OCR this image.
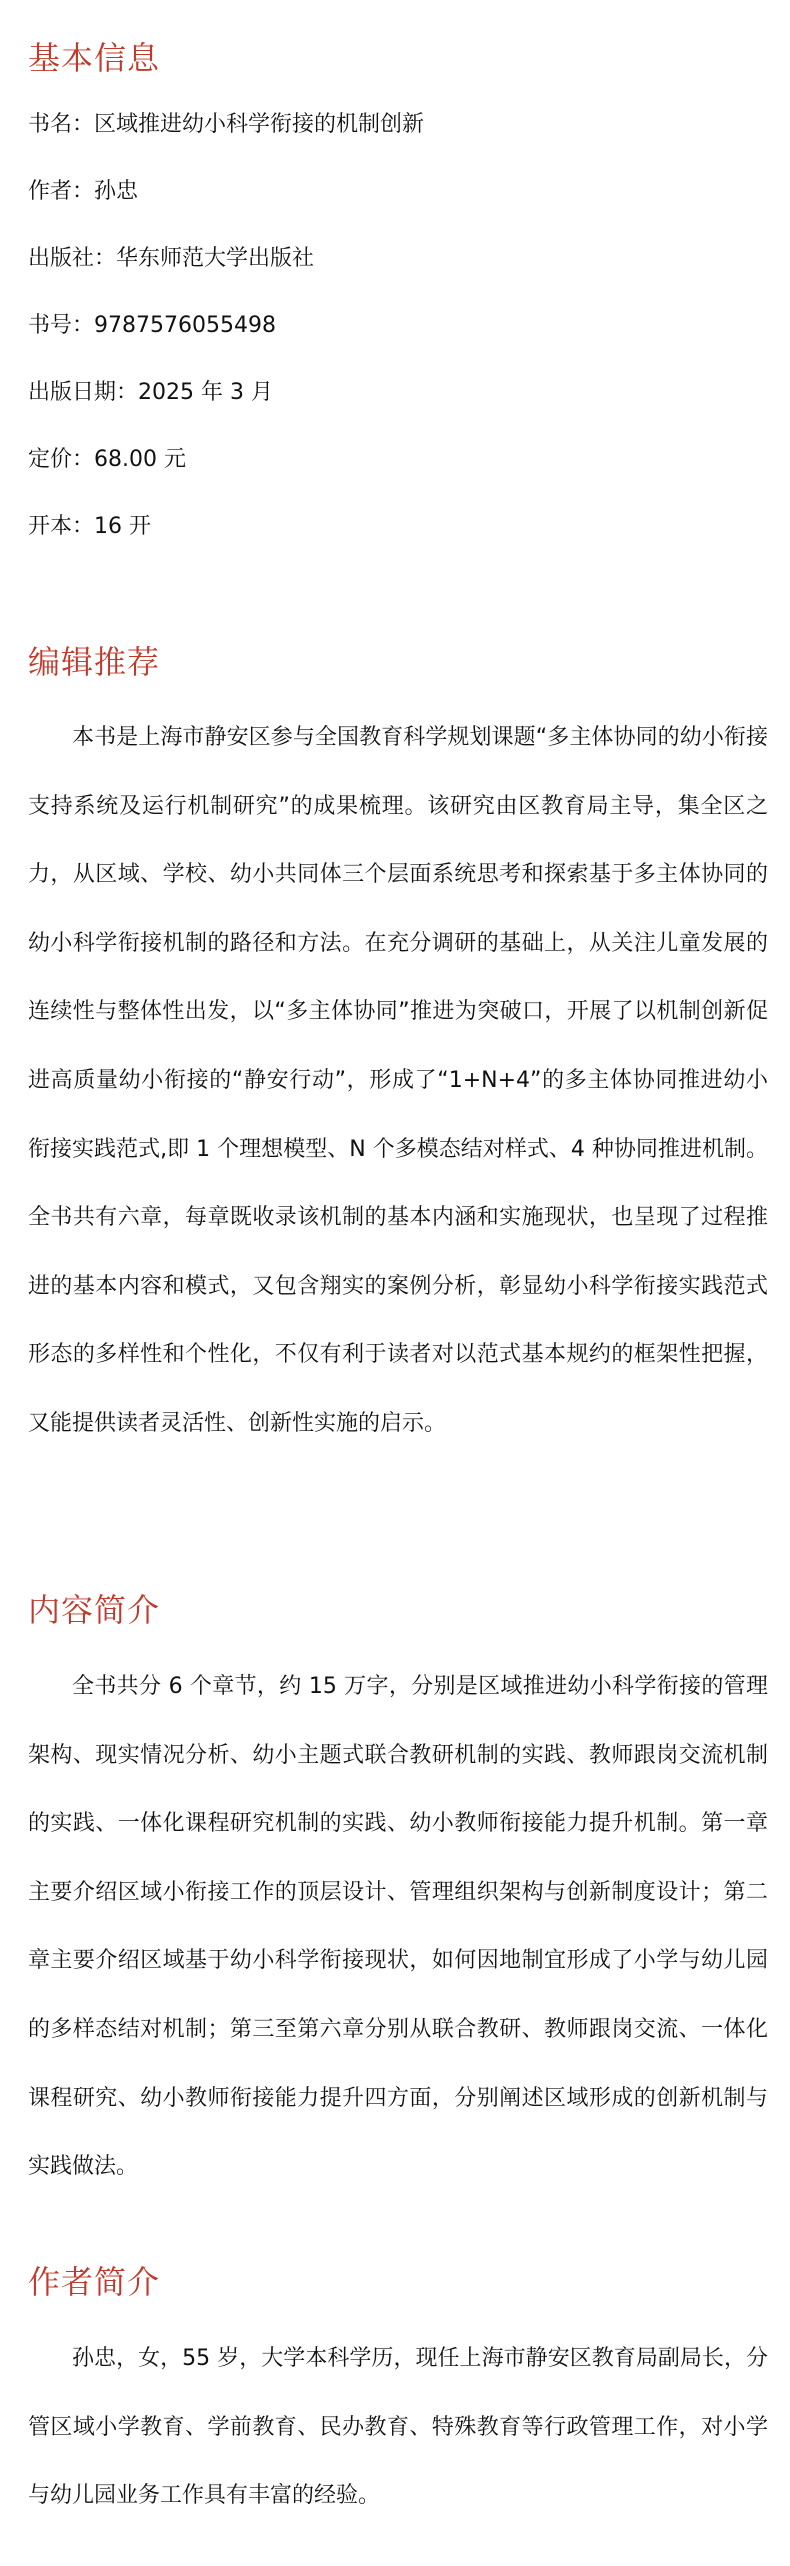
基本信息

书名：区域推进幼小科学衔接的机制创新

作者：孙忠

出版社：华东师范大学出版社

书号：9787576055498

出版日期：2025 年 3 月

定价：68.00 元

开本：16 开

编辑推荐

本书是上海市静安区参与全国教育科学规划课题“多主体协同的幼小衔接支持系统及运行机制研究”的成果梳理。该研究由区教育局主导，集全区之力，从区域、学校、幼小共同体三个层面系统思考和探索基于多主体协同的幼小科学衔接机制的路径和方法。在充分调研的基础上，从关注儿童发展的连续性与整体性出发，以“多主体协同”推进为突破口，开展了以机制创新促进高质量幼小衔接的“静安行动”，形成了“1+N+4”的多主体协同推进幼小衔接实践范式,即 1 个理想模型、N 个多模态结对样式、4 种协同推进机制。 全书共有六章，每章既收录该机制的基本内涵和实施现状，也呈现了过程推进的基本内容和模式，又包含翔实的案例分析，彰显幼小科学衔接实践范式形态的多样性和个性化，不仅有利于读者对以范式基本规约的框架性把握，又能提供读者灵活性、创新性实施的启示。

内容简介

全书共分 6 个章节，约 15 万字，分别是区域推进幼小科学衔接的管理架构、现实情况分析、幼小主题式联合教研机制的实践、教师跟岗交流机制的实践、一体化课程研究机制的实践、幼小教师衔接能力提升机制。第一章主要介绍区域小衔接工作的顶层设计、管理组织架构与创新制度设计；第二章主要介绍区域基于幼小科学衔接现状，如何因地制宜形成了小学与幼儿园的多样态结对机制；第三至第六章分别从联合教研、教师跟岗交流、一体化课程研究、幼小教师衔接能力提升四方面，分别阐述区域形成的创新机制与实践做法。

作者简介

孙忠，女，55 岁，大学本科学历，现任上海市静安区教育局副局长，分管区域小学教育、学前教育、民办教育、特殊教育等行政管理工作，对小学与幼儿园业务工作具有丰富的经验。
